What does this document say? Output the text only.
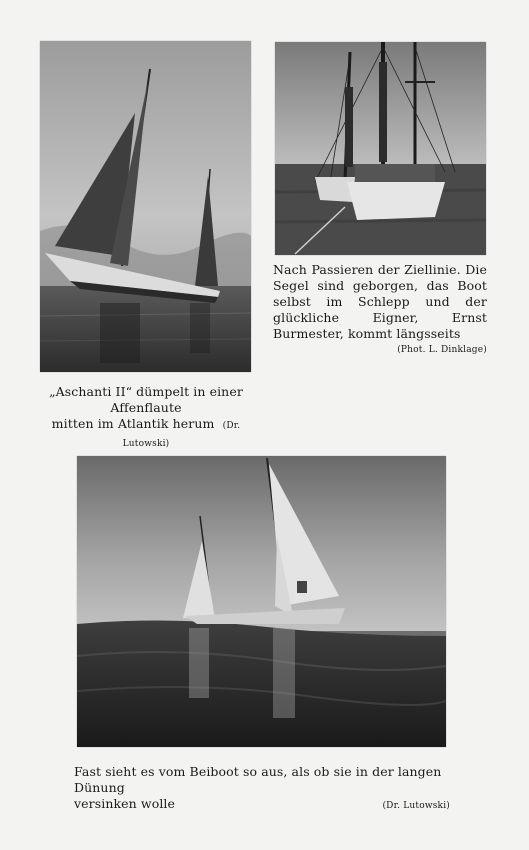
„Aschanti II“ dümpelt in einer Affenflaute
mitten im Atlantik herum (Dr. Lutowski)
Nach Passieren der Ziellinie. Die Segel sind geborgen, das Boot selbst im Schlepp und der glückliche Eigner, Ernst Burmester, kommt längsseits
(Phot. L. Dinklage)
Fast sieht es vom Beiboot so aus, als ob sie in der langen Dünung
versinken wolle	(Dr. Lutowski)
